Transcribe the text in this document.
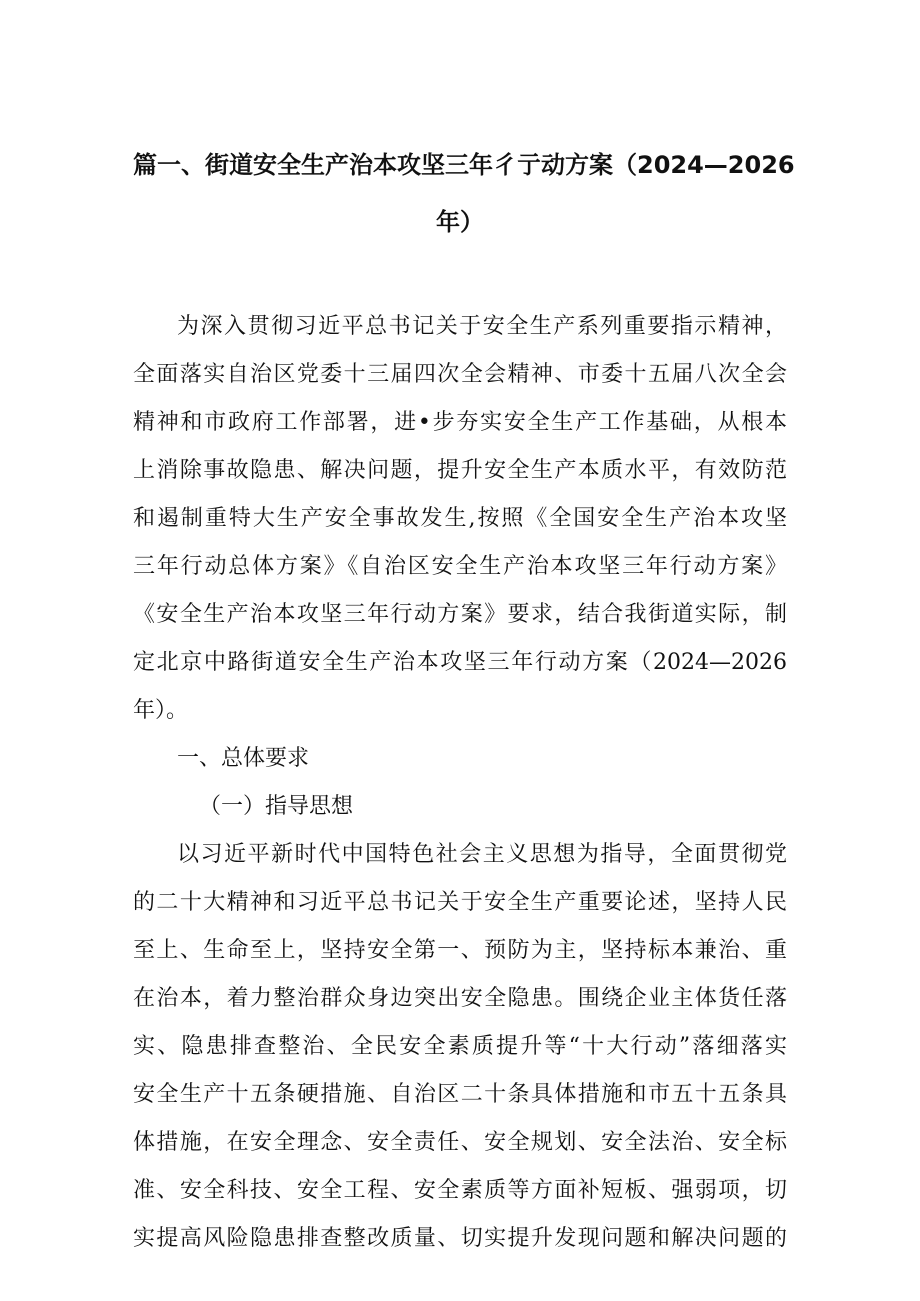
篇一、街道安全生产治本攻坚三年彳亍动方案（2024—2026
年）
为深入贯彻习近平总书记关于安全生产系列重要指示精神，
全面落实自治区党委十三届四次全会精神、市委十五届八次全会
精神和市政府工作部署，进•步夯实安全生产工作基础，从根本
上消除事故隐患、解决问题，提升安全生产本质水平，有效防范
和遏制重特大生产安全事故发生,按照《全国安全生产治本攻坚
三年行动总体方案》《自治区安全生产治本攻坚三年行动方案》
《安全生产治本攻坚三年行动方案》要求，结合我街道实际，制
定北京中路街道安全生产治本攻坚三年行动方案（2024—2026
年）。
一、总体要求
（一）指导思想
以习近平新时代中国特色社会主义思想为指导，全面贯彻党
的二十大精神和习近平总书记关于安全生产重要论述，坚持人民
至上、生命至上，坚持安全第一、预防为主，坚持标本兼治、重
在治本，着力整治群众身边突出安全隐患。围绕企业主体货任落
实、隐患排查整治、全民安全素质提升等“十大行动”落细落实
安全生产十五条硬措施、自治区二十条具体措施和市五十五条具
体措施，在安全理念、安全责任、安全规划、安全法治、安全标
准、安全科技、安全工程、安全素质等方面补短板、强弱项，切
实提高风险隐患排查整改质量、切实提升发现问题和解决问题的
